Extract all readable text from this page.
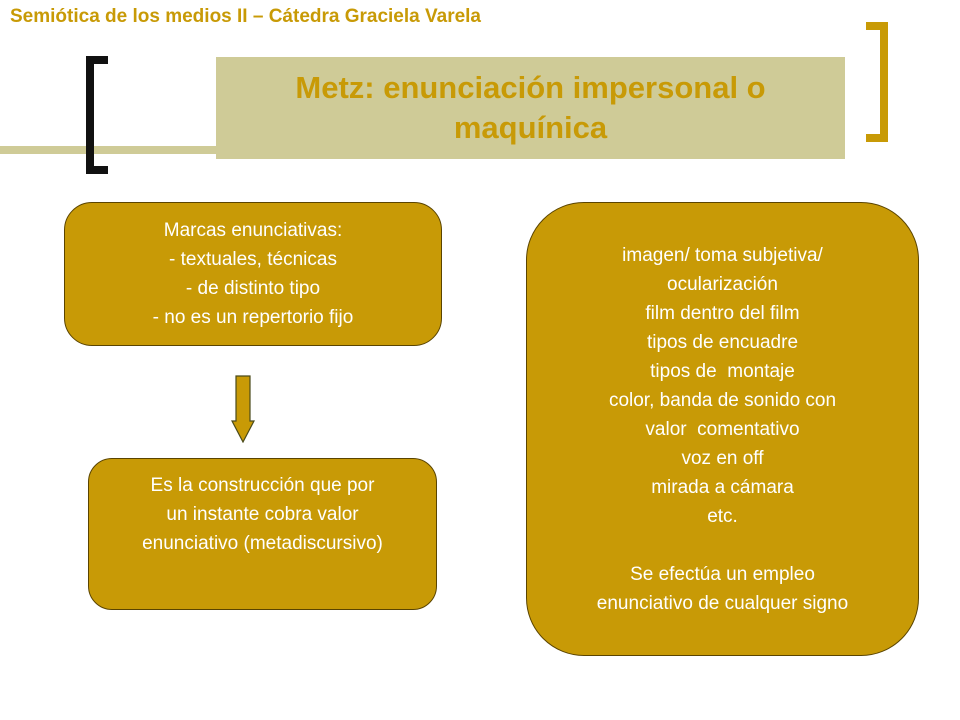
Semiótica de los medios II – Cátedra Graciela Varela
Metz: enunciación impersonal o
maquínica
Marcas enunciativas:
- textuales, técnicas
- de distinto tipo
- no es un repertorio fijo
Es la construcción que por
un instante cobra valor
enunciativo (metadiscursivo)
imagen/ toma subjetiva/
ocularización
film dentro del film
tipos de encuadre
tipos de  montaje
color, banda de sonido con
valor  comentativo
voz en off
mirada a cámara
etc.
Se efectúa un empleo
enunciativo de cualquer signo
